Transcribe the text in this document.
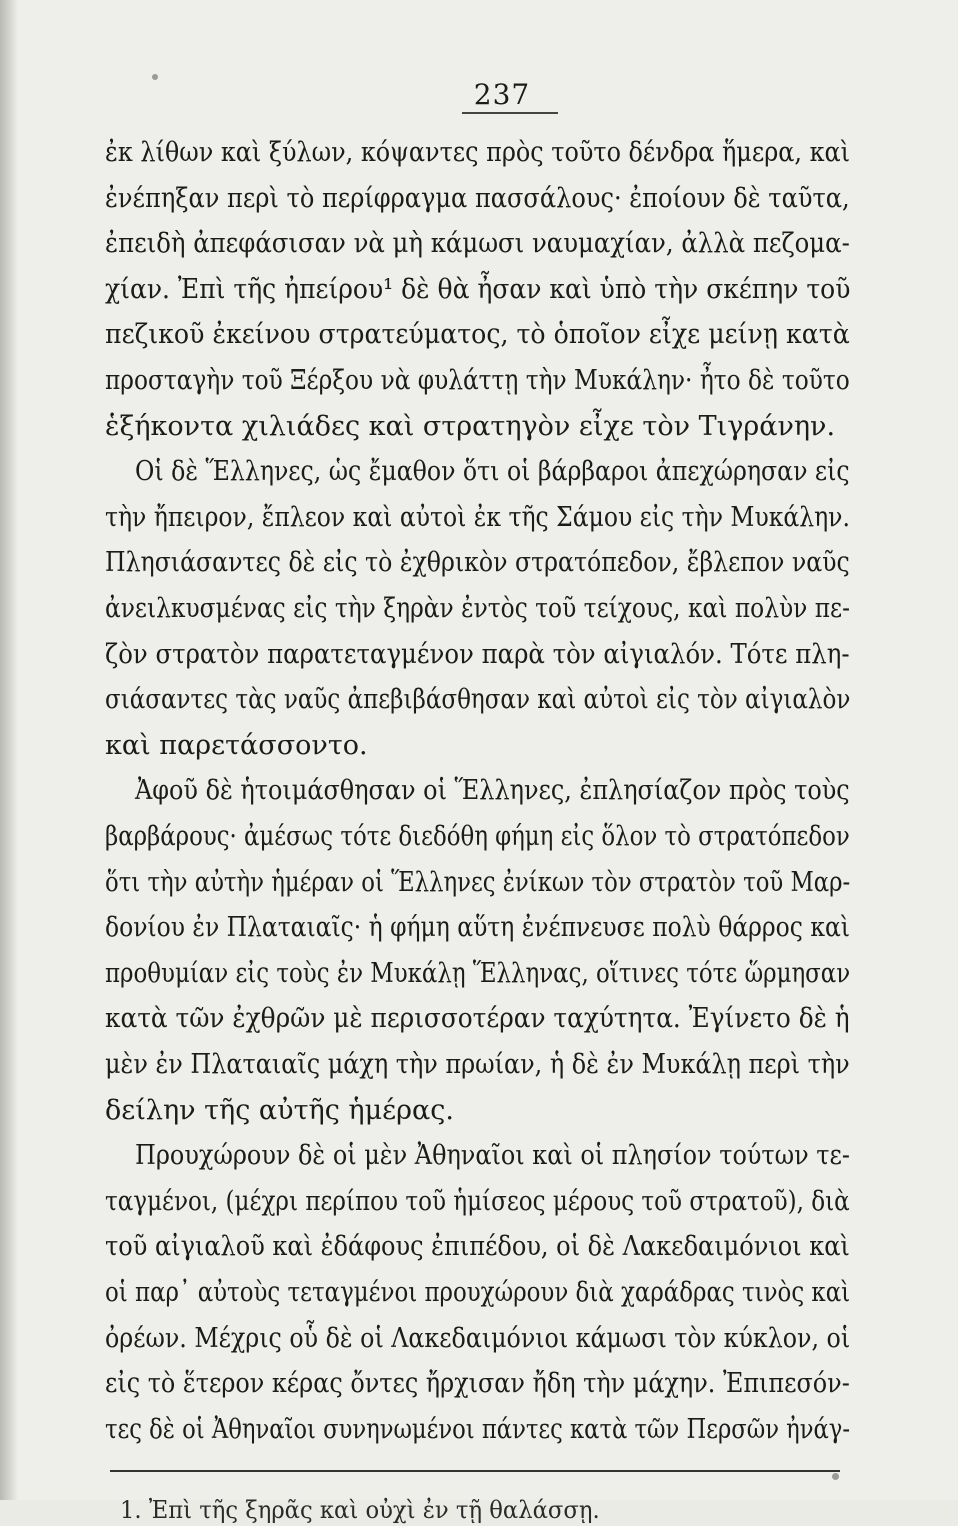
237
ἐκ λίθων καὶ ξύλων, κόψαντες πρὸς τοῦτο δένδρα ἥμερα, καὶ
ἐνέπηξαν περὶ τὸ περίφραγμα πασσάλους· ἐποίουν δὲ ταῦτα,
ἐπειδὴ ἀπεφάσισαν νὰ μὴ κάμωσι ναυμαχίαν, ἀλλὰ πεζομα-
χίαν. Ἐπὶ τῆς ἠπείρου¹ δὲ θὰ ἦσαν καὶ ὑπὸ τὴν σκέπην τοῦ
πεζικοῦ ἐκείνου στρατεύματος, τὸ ὁποῖον εἶχε μείνῃ κατὰ
προσταγὴν τοῦ Ξέρξου νὰ φυλάττῃ τὴν Μυκάλην· ἦτο δὲ τοῦτο
ἑξήκοντα χιλιάδες καὶ στρατηγὸν εἶχε τὸν Τιγράνην.
Οἱ δὲ Ἕλληνες, ὡς ἔμαθον ὅτι οἱ βάρβαροι ἀπεχώρησαν εἰς
τὴν ἤπειρον, ἔπλεον καὶ αὐτοὶ ἐκ τῆς Σάμου εἰς τὴν Μυκάλην.
Πλησιάσαντες δὲ εἰς τὸ ἐχθρικὸν στρατόπεδον, ἔβλεπον ναῦς
ἀνειλκυσμένας εἰς τὴν ξηρὰν ἐντὸς τοῦ τείχους, καὶ πολὺν πε-
ζὸν στρατὸν παρατεταγμένον παρὰ τὸν αἰγιαλόν. Τότε πλη-
σιάσαντες τὰς ναῦς ἀπεβιβάσθησαν καὶ αὐτοὶ εἰς τὸν αἰγιαλὸν
καὶ παρετάσσοντο.
Ἀφοῦ δὲ ἡτοιμάσθησαν οἱ Ἕλληνες, ἐπλησίαζον πρὸς τοὺς
βαρβάρους· ἀμέσως τότε διεδόθη φήμη εἰς ὅλον τὸ στρατόπεδον
ὅτι τὴν αὐτὴν ἡμέραν οἱ Ἕλληνες ἐνίκων τὸν στρατὸν τοῦ Μαρ-
δονίου ἐν Πλαταιαῖς· ἡ φήμη αὕτη ἐνέπνευσε πολὺ θάρρος καὶ
προθυμίαν εἰς τοὺς ἐν Μυκάλῃ Ἕλληνας, οἵτινες τότε ὥρμησαν
κατὰ τῶν ἐχθρῶν μὲ περισσοτέραν ταχύτητα. Ἐγίνετο δὲ ἡ
μὲν ἐν Πλαταιαῖς μάχη τὴν πρωίαν, ἡ δὲ ἐν Μυκάλῃ περὶ τὴν
δείλην τῆς αὐτῆς ἡμέρας.
Προυχώρουν δὲ οἱ μὲν Ἀθηναῖοι καὶ οἱ πλησίον τούτων τε-
ταγμένοι, (μέχρι περίπου τοῦ ἡμίσεος μέρους τοῦ στρατοῦ), διὰ
τοῦ αἰγιαλοῦ καὶ ἐδάφους ἐπιπέδου, οἱ δὲ Λακεδαιμόνιοι καὶ
οἱ παρ᾽ αὐτοὺς τεταγμένοι προυχώρουν διὰ χαράδρας τινὸς καὶ
ὀρέων. Μέχρις οὗ δὲ οἱ Λακεδαιμόνιοι κάμωσι τὸν κύκλον, οἱ
εἰς τὸ ἕτερον κέρας ὄντες ἤρχισαν ἤδη τὴν μάχην. Ἐπιπεσόν-
τες δὲ οἱ Ἀθηναῖοι συνηνωμένοι πάντες κατὰ τῶν Περσῶν ἠνάγ-
1. Ἐπὶ τῆς ξηρᾶς καὶ οὐχὶ ἐν τῇ θαλάσσῃ.
